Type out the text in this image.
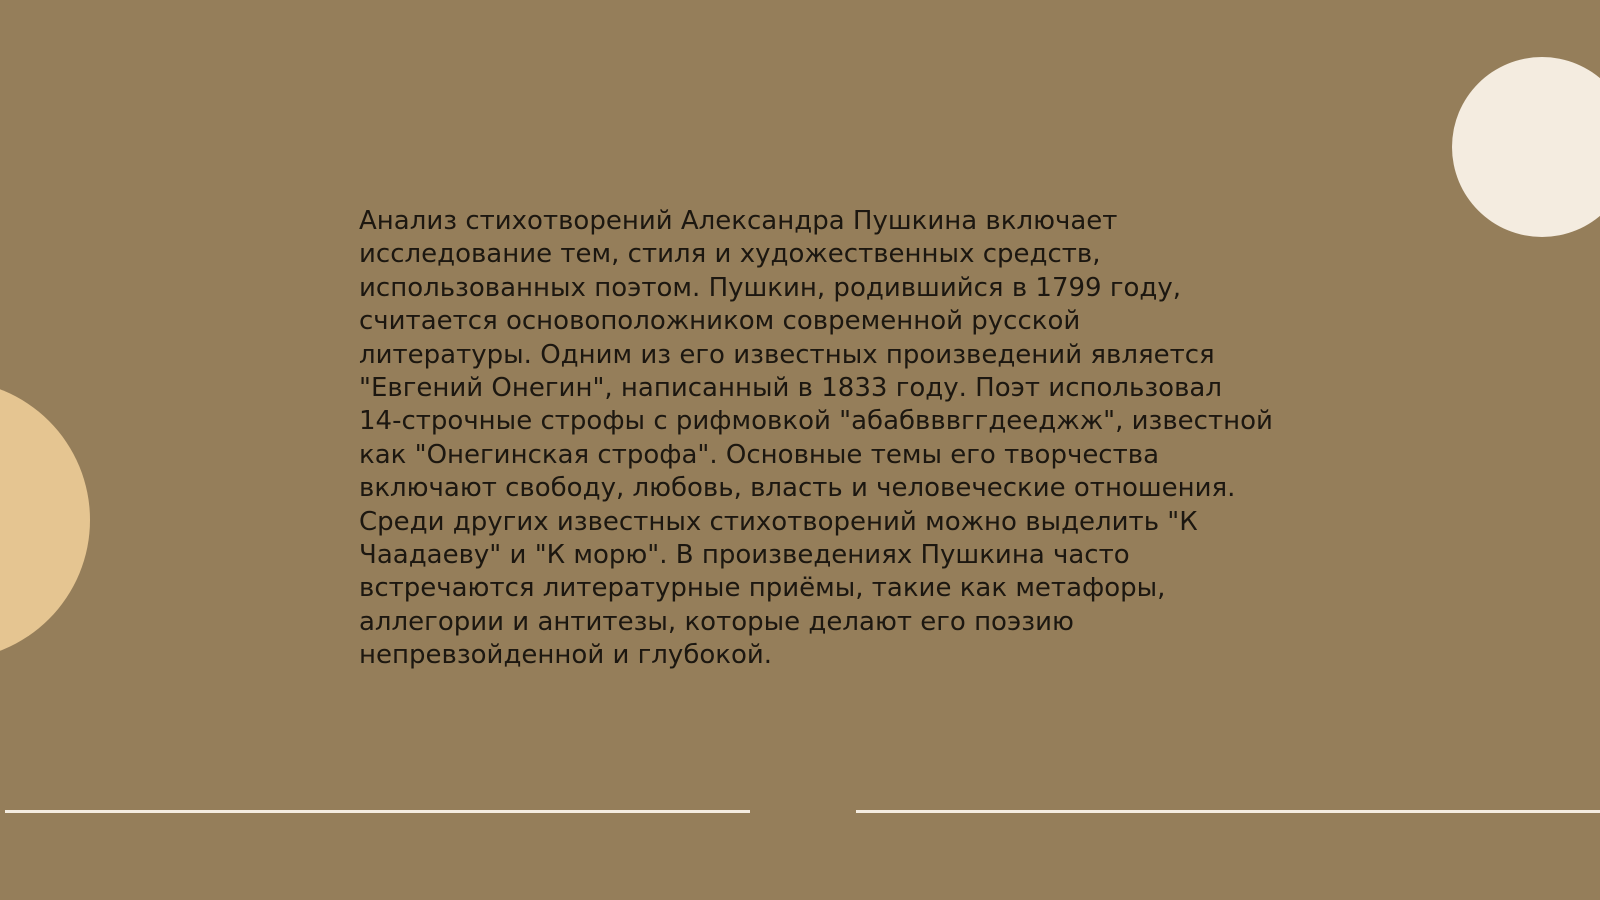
Анализ стихотворений Александра Пушкина включает
исследование тем, стиля и художественных средств,
использованных поэтом. Пушкин, родившийся в 1799 году,
считается основоположником современной русской
литературы. Одним из его известных произведений является
"Евгений Онегин", написанный в 1833 году. Поэт использовал
14-строчные строфы с рифмовкой "абабвввггдееджж", известной
как "Онегинская строфа". Основные темы его творчества
включают свободу, любовь, власть и человеческие отношения.
Среди других известных стихотворений можно выделить "К
Чаадаеву" и "К морю". В произведениях Пушкина часто
встречаются литературные приёмы, такие как метафоры,
аллегории и антитезы, которые делают его поэзию
непревзойденной и глубокой.
